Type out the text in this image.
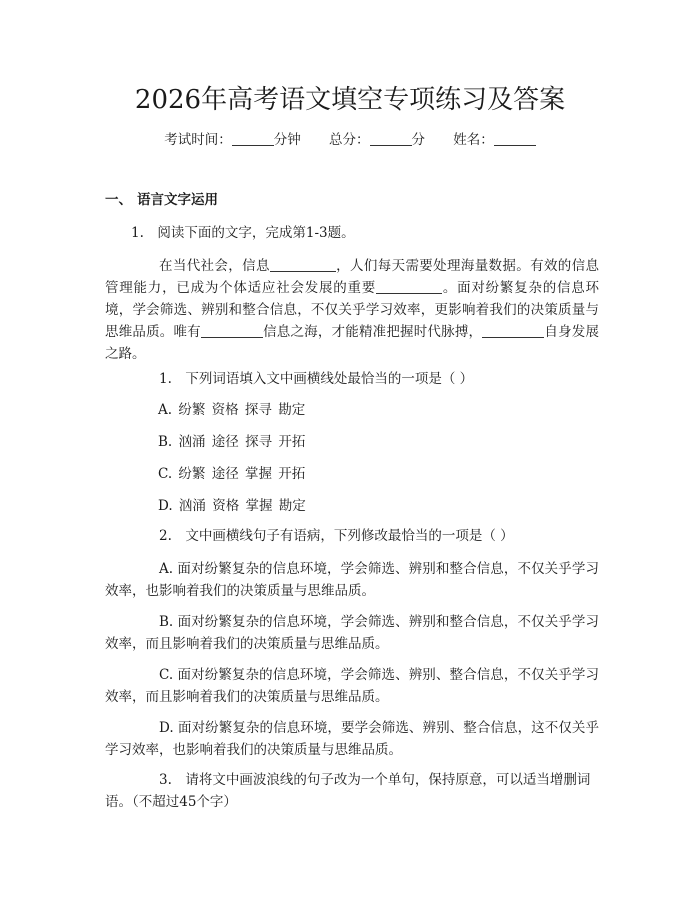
2026年高考语文填空专项练习及答案
考试时间：	分钟 总分：	分 姓名：
一、 语言文字运用
1.　阅读下面的文字，完成第1-3题。

在当代社会，信息	，人们每天需要处理海量数据。有效的信息管理能力，已成为个体适应社会发展的重要	。面对纷繁复杂的信息环境，学会筛选、辨别和整合信息，不仅关乎学习效率，更影响着我们的决策质量与思维品质。唯有	信息之海，才能精准把握时代脉搏，	自身发展之路。

1.　下列词语填入文中画横线处最恰当的一项是（ ）

A. 纷繁 资格 探寻 勘定
B. 汹涌 途径 探寻 开拓
C. 纷繁 途径 掌握 开拓
D. 汹涌 资格 掌握 勘定

2.　文中画横线句子有语病，下列修改最恰当的一项是（ ）

A. 面对纷繁复杂的信息环境，学会筛选、辨别和整合信息，不仅关乎学习效率，也影响着我们的决策质量与思维品质。

B. 面对纷繁复杂的信息环境，学会筛选、辨别和整合信息，不仅关乎学习效率，而且影响着我们的决策质量与思维品质。

C. 面对纷繁复杂的信息环境，学会筛选、辨别、整合信息，不仅关乎学习效率，而且影响着我们的决策质量与思维品质。

D. 面对纷繁复杂的信息环境，要学会筛选、辨别、整合信息，这不仅关乎学习效率，也影响着我们的决策质量与思维品质。

3.　请将文中画波浪线的句子改为一个单句，保持原意，可以适当增删词语。（不超过45个字）
